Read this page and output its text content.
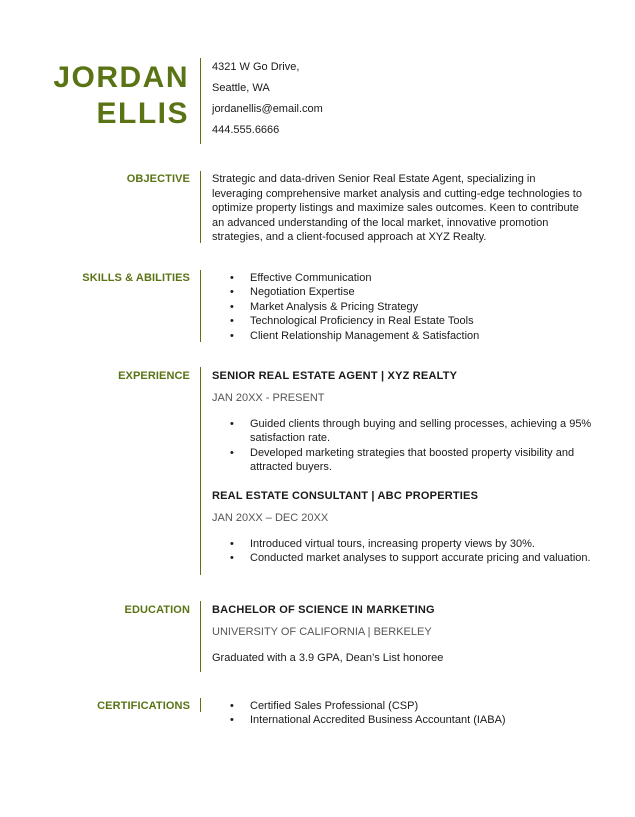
JORDAN
ELLIS
4321 W Go Drive,
Seattle, WA
jordanellis@email.com
444.555.6666
OBJECTIVE Strategic and data-driven Senior Real Estate Agent, specializing in leveraging comprehensive market analysis and cutting-edge technologies to optimize property listings and maximize sales outcomes. Keen to contribute an advanced understanding of the local market, innovative promotion strategies, and a client-focused approach at XYZ Realty.
SKILLS & ABILITIES	• Effective Communication
• Negotiation Expertise
• Market Analysis & Pricing Strategy
• Technological Proficiency in Real Estate Tools
• Client Relationship Management & Satisfaction
EXPERIENCE SENIOR REAL ESTATE AGENT | XYZ REALTY
JAN 20XX - PRESENT
• Guided clients through buying and selling processes, achieving a 95% satisfaction rate.
• Developed marketing strategies that boosted property visibility and attracted buyers.
REAL ESTATE CONSULTANT | ABC PROPERTIES
JAN 20XX – DEC 20XX
• Introduced virtual tours, increasing property views by 30%.
• Conducted market analyses to support accurate pricing and valuation.
EDUCATION BACHELOR OF SCIENCE IN MARKETING
UNIVERSITY OF CALIFORNIA | BERKELEY
Graduated with a 3.9 GPA, Dean’s List honoree
CERTIFICATIONS	• Certified Sales Professional (CSP)
• International Accredited Business Accountant (IABA)
